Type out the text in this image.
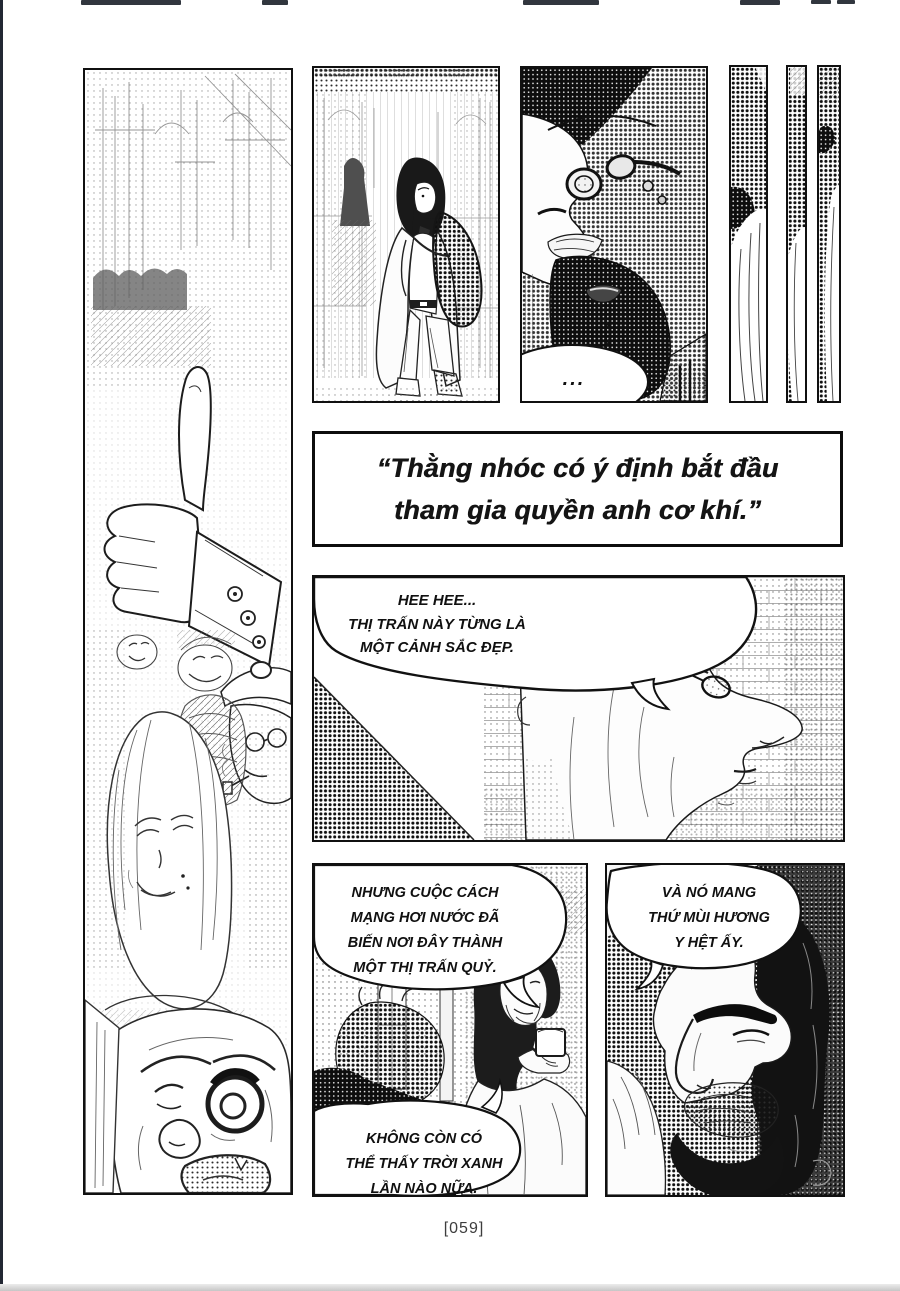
...
“Thằng nhóc có ý định bắt đầu
tham gia quyền anh cơ khí.”
HEE HEE...
THỊ TRẤN NÀY TỪNG LÀ
MỘT CẢNH SẮC ĐẸP.
NHƯNG CUỘC CÁCH
MẠNG HƠI NƯỚC ĐÃ
BIẾN NƠI ĐÂY THÀNH
MỘT THỊ TRẤN QUỶ.
KHÔNG CÒN CÓ
THỂ THẤY TRỜI XANH
LẦN NÀO NỮA.
VÀ NÓ MANG
THỨ MÙI HƯƠNG
Y HỆT ẤY.
[059]
